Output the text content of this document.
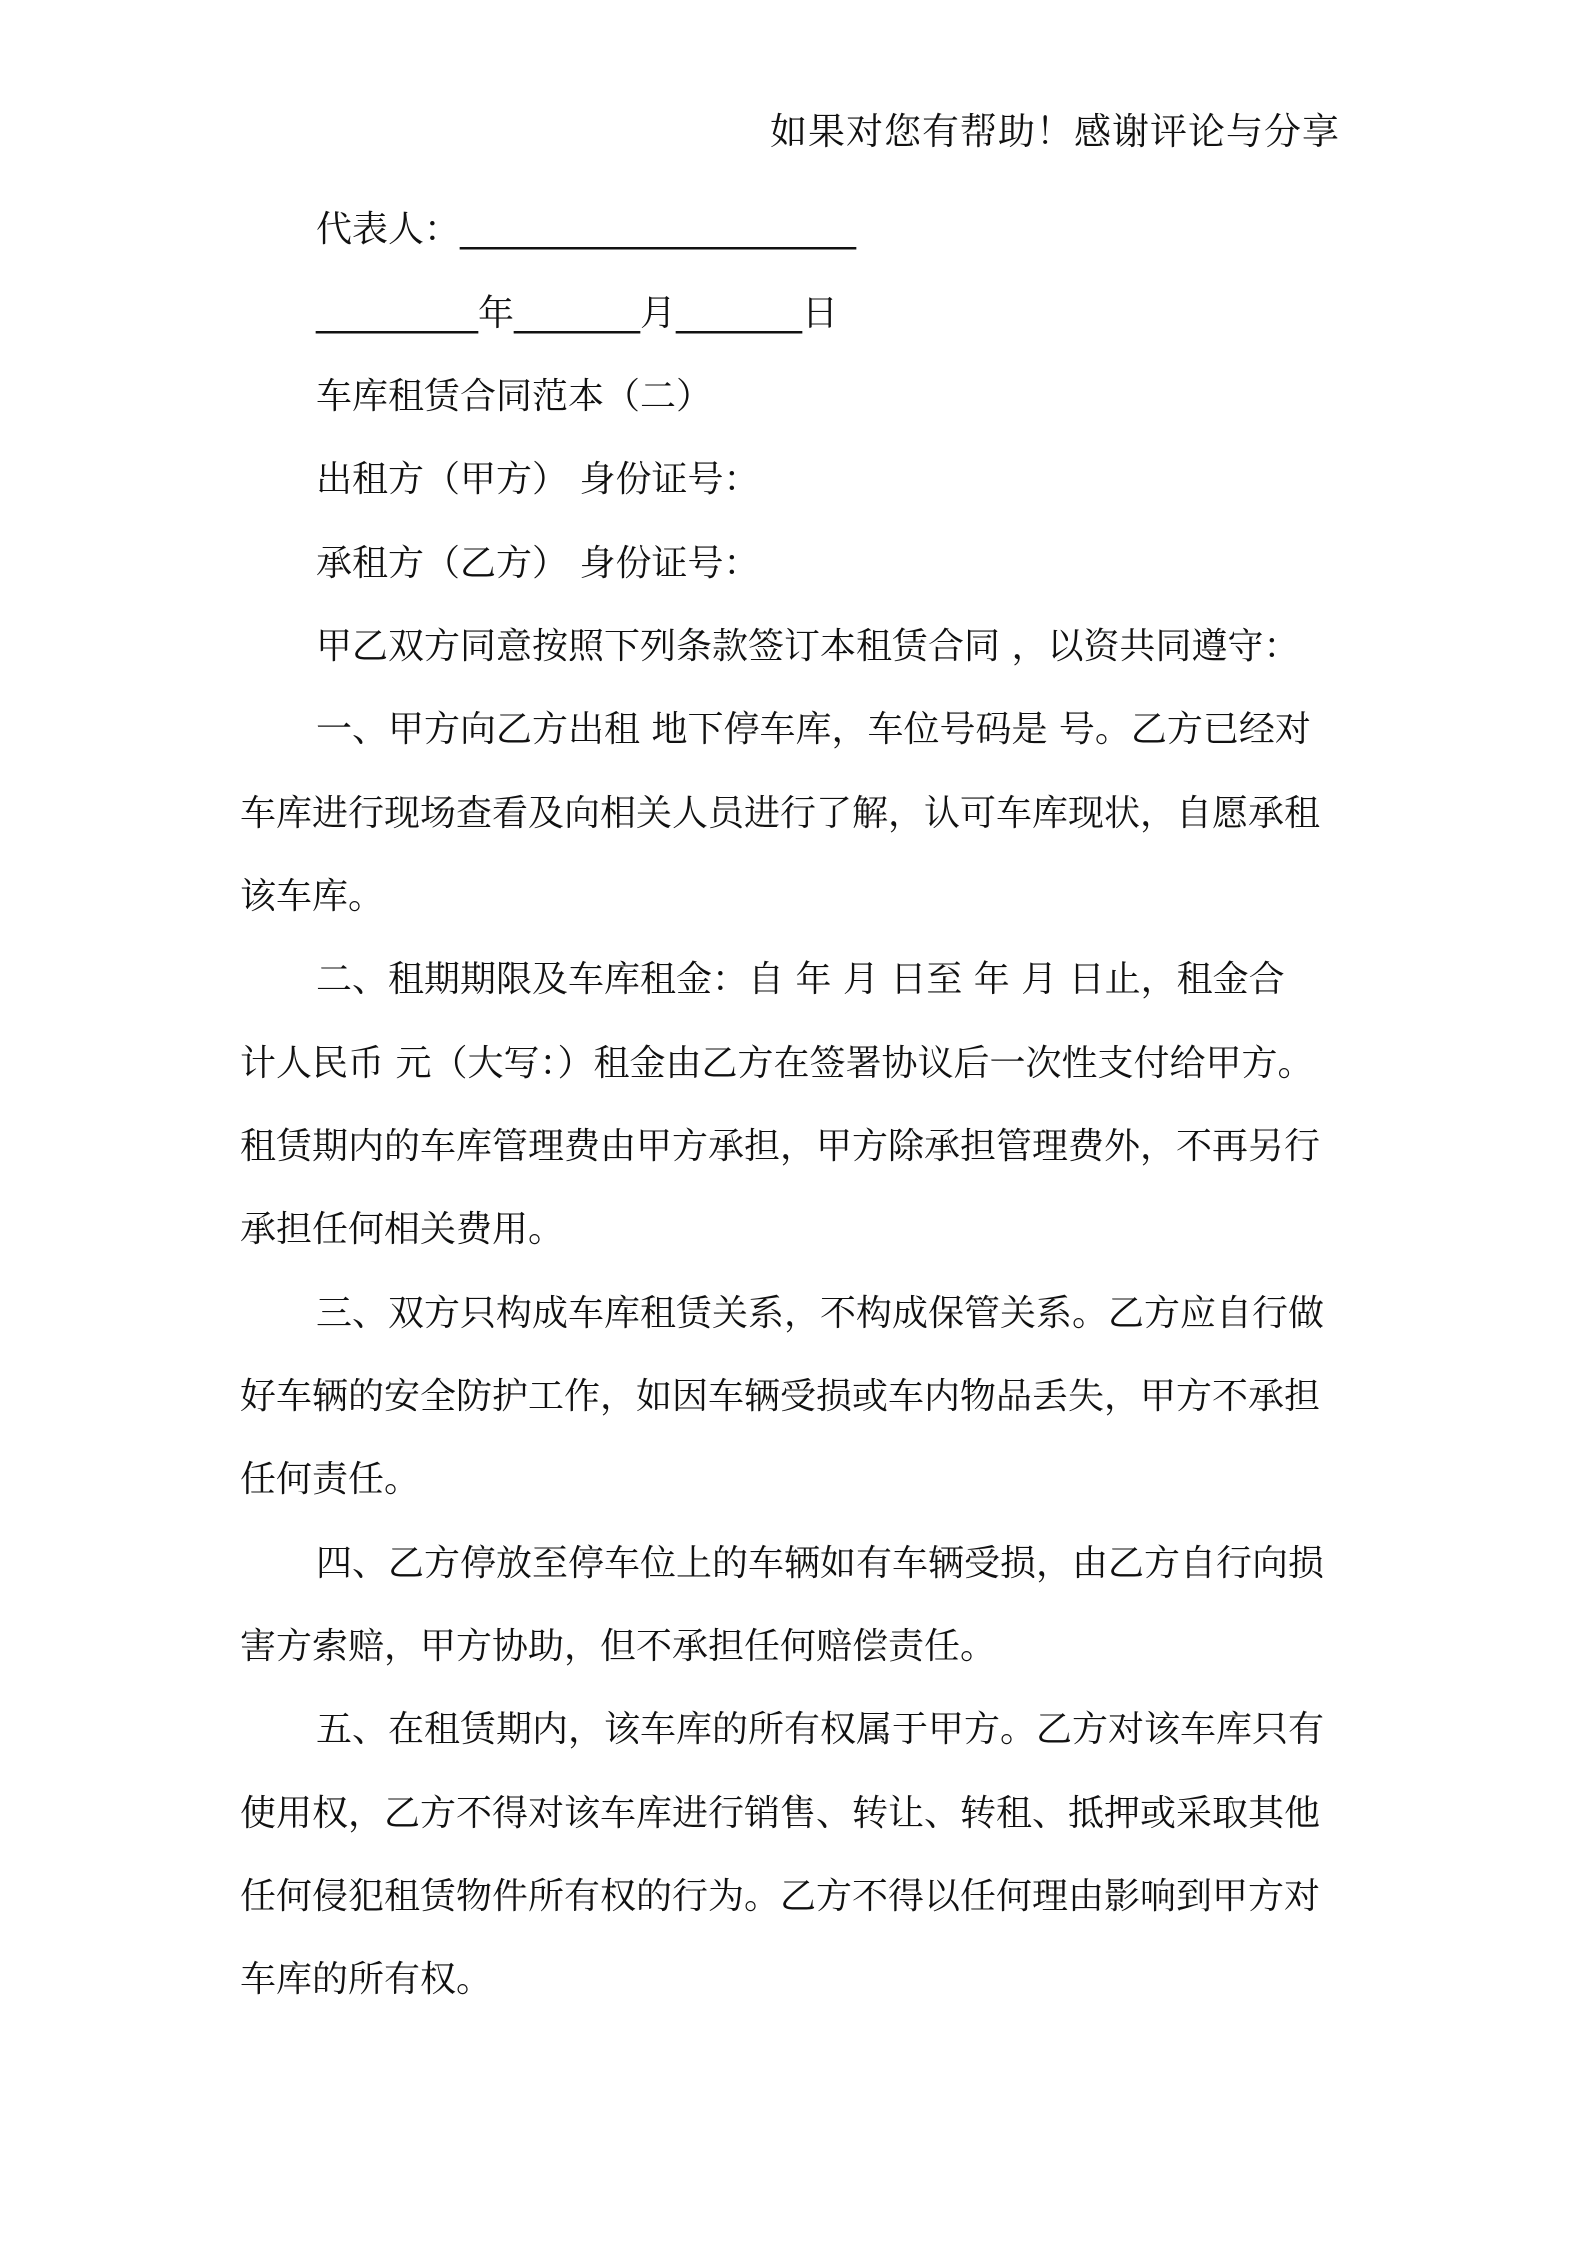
如果对您有帮助！感谢评论与分享
代表人：______________________
_________年_______月_______日
车库租赁合同范本（二）
出租方（甲方） 身份证号：
承租方（乙方） 身份证号：
甲乙双方同意按照下列条款签订本租赁合同 ，以资共同遵守：
一、甲方向乙方出租 地下停车库，车位号码是 号。乙方已经对
车库进行现场查看及向相关人员进行了解，认可车库现状，自愿承租
该车库。
二、租期期限及车库租金：自 年 月 日至 年 月 日止，租金合
计人民币 元（大写：）租金由乙方在签署协议后一次性支付给甲方。
租赁期内的车库管理费由甲方承担，甲方除承担管理费外，不再另行
承担任何相关费用。
三、双方只构成车库租赁关系，不构成保管关系。乙方应自行做
好车辆的安全防护工作，如因车辆受损或车内物品丢失，甲方不承担
任何责任。
四、乙方停放至停车位上的车辆如有车辆受损，由乙方自行向损
害方索赔，甲方协助，但不承担任何赔偿责任。
五、在租赁期内，该车库的所有权属于甲方。乙方对该车库只有
使用权，乙方不得对该车库进行销售、转让、转租、抵押或采取其他
任何侵犯租赁物件所有权的行为。乙方不得以任何理由影响到甲方对
车库的所有权。
